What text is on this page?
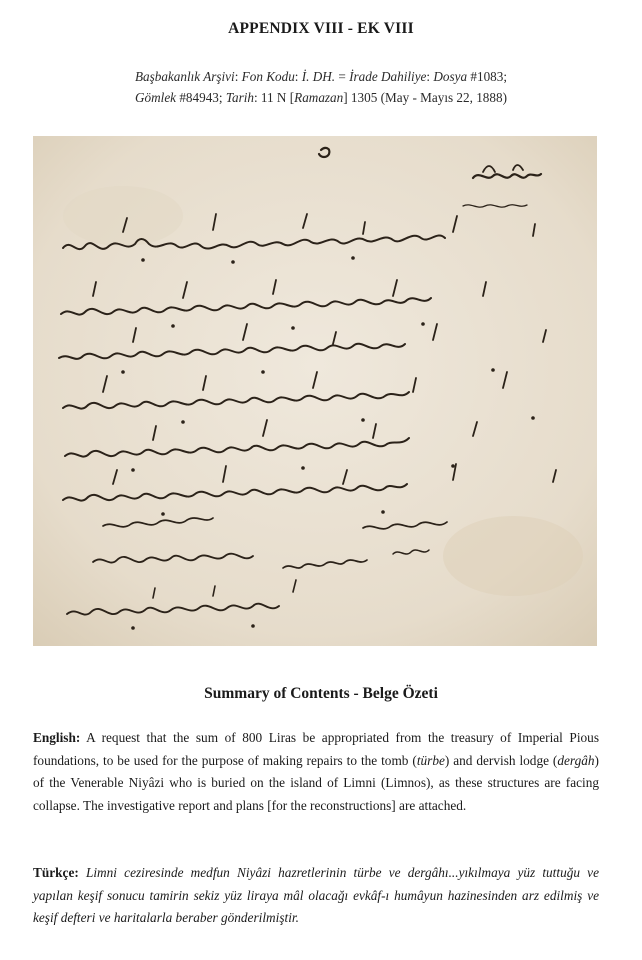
APPENDIX VIII - EK VIII
Başbakanlık Arşivi: Fon Kodu: İ. DH. = İrade Dahiliye: Dosya #1083;
Gömlek #84943; Tarih: 11 N [Ramazan] 1305 (May - Mayıs 22, 1888)
Summary of Contents - Belge Özeti
English: A request that the sum of 800 Liras be appropriated from the treasury of Imperial Pious foundations, to be used for the purpose of making repairs to the tomb (türbe) and dervish lodge (dergâh) of the Venerable Niyâzi who is buried on the island of Limni (Limnos), as these structures are facing collapse. The investigative report and plans [for the reconstructions] are attached.
Türkçe: Limni ceziresinde medfun Niyâzi hazretlerinin türbe ve dergâhı...yıkılmaya yüz tuttuğu ve yapılan keşif sonucu tamirin sekiz yüz liraya mâl olacağı evkâf-ı humâyun hazinesinden arz edilmiş ve keşif defteri ve haritalarla beraber gönderilmiştir.
